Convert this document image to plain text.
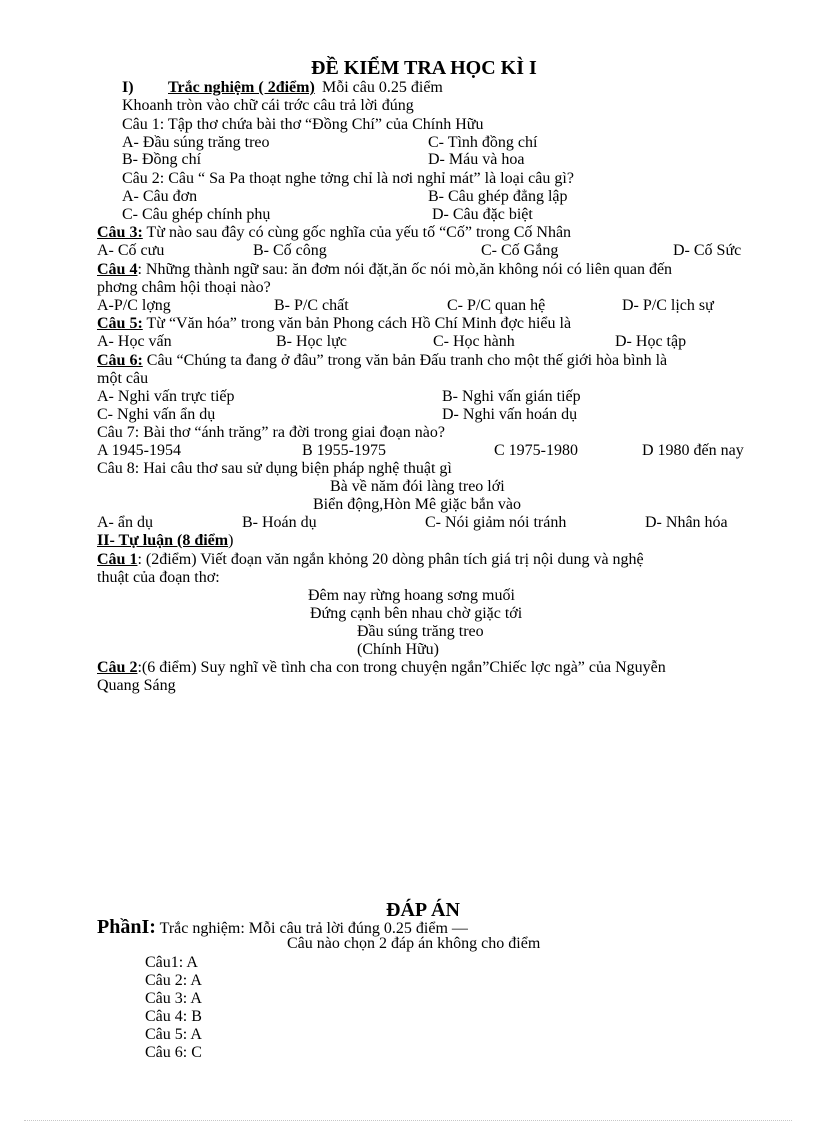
ĐỀ KIỂM TRA HỌC KÌ I
I) Trắc nghiệm ( 2điểm) Mỗi câu 0.25 điểm
Khoanh tròn vào chữ cái trớc câu trả lời đúng
Câu 1: Tập thơ chứa bài thơ “Đồng Chí” của Chính Hữu
A- Đầu súng trăng treo	C- Tình đồng chí
B- Đồng chí	D- Máu và hoa
Câu 2: Câu “ Sa Pa thoạt nghe tởng chỉ là nơi nghỉ mát” là loại câu gì?
A- Câu đơn	B- Câu ghép đẳng lập
C- Câu ghép chính phụ	D- Câu đặc biệt
Câu 3: Từ nào sau đây có cùng gốc nghĩa của yếu tố “Cố” trong Cố Nhân
A- Cố cưu	B- Cố công	C- Cố Gắng	D- Cố Sức
Câu 4: Những thành ngữ sau: ăn đơm nói đặt,ăn ốc nói mò,ăn không nói có liên quan đến
phơng châm hội thoại nào?
A-P/C lợng	B- P/C chất	C- P/C quan hệ	D- P/C lịch sự
Câu 5: Từ “Văn hóa” trong văn bản Phong cách Hồ Chí Minh đợc hiểu là
A- Học vấn	B- Học lực	C- Học hành	D- Học tập
Câu 6: Câu “Chúng ta đang ở đâu” trong văn bản Đấu tranh cho một thế giới hòa bình là
một câu
A- Nghi vấn trực tiếp	B- Nghi vấn gián tiếp
C- Nghi vấn ẩn dụ	D- Nghi vấn hoán dụ
Câu 7: Bài thơ “ánh trăng” ra đời trong giai đoạn nào?
A 1945-1954	B 1955-1975	C 1975-1980	D 1980 đến nay
Câu 8: Hai câu thơ sau sử dụng biện pháp nghệ thuật gì
Bà về năm đói làng treo lới
Biển động,Hòn Mê giặc bắn vào
A- ẩn dụ	B- Hoán dụ	C- Nói giảm nói tránh	D- Nhân hóa
II- Tự luận (8 điểm)
Câu 1: (2điểm) Viết đoạn văn ngắn khỏng 20 dòng phân tích giá trị nội dung và nghệ
thuật của đoạn thơ:
Đêm nay rừng hoang sơng muối
Đứng cạnh bên nhau chờ giặc tới
Đầu súng trăng treo
(Chính Hữu)
Câu 2:(6 điểm) Suy nghĩ về tình cha con trong chuyện ngắn”Chiếc lợc ngà” của Nguyễn
Quang Sáng
ĐÁP ÁN
PhầnI: Trắc nghiệm: Mỗi câu trả lời đúng 0.25 điểm —
Câu nào chọn 2 đáp án không cho điểm
Câu1: A
Câu 2: A
Câu 3: A
Câu 4: B
Câu 5: A
Câu 6: C
